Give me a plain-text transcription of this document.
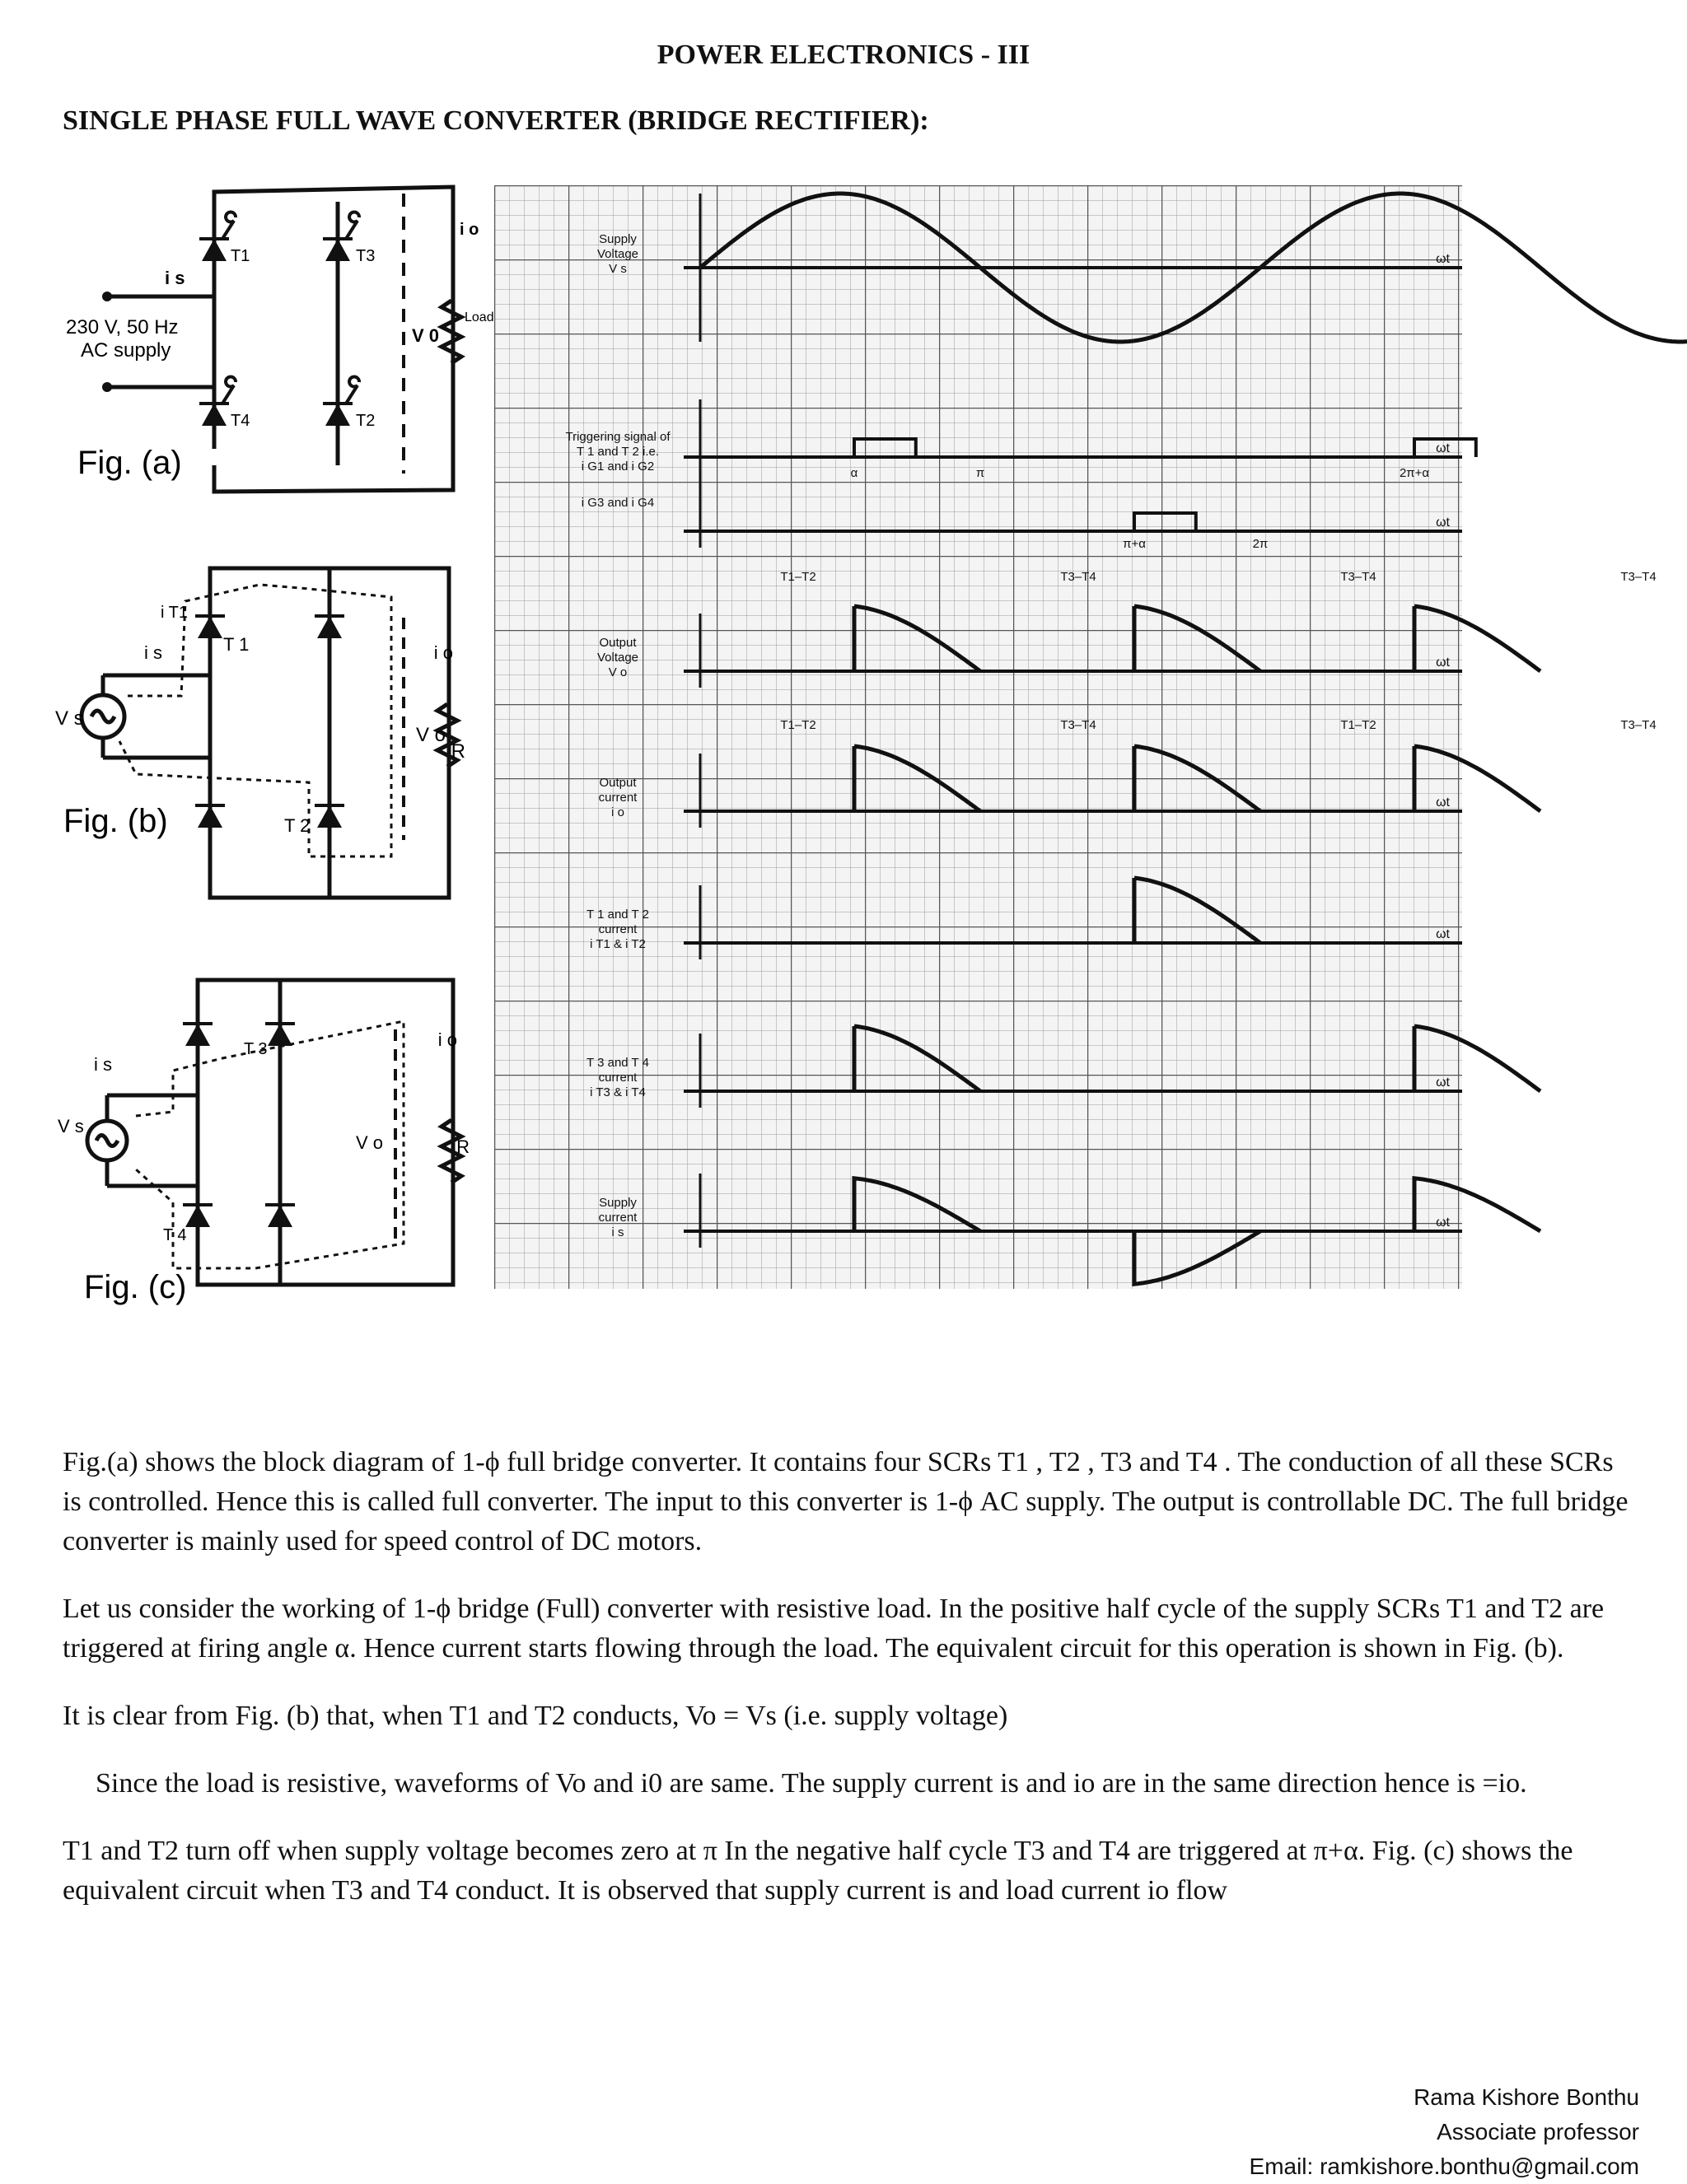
POWER ELECTRONICS - III
SINGLE PHASE FULL WAVE CONVERTER (BRIDGE RECTIFIER):
T1	T3
T4	T2
i s
230 V, 50 Hz
AC supply
V 0
i o
Load
Fig. (a)
T 1
T 2
i T1
i s
V s
V o
R
i o
Fig. (b)
T 3
T 4
i s
V s
V o	R
i o
Fig. (c)
Supply
Voltage
V s
ωt
Triggering signal of
T 1 and T 2 i.e.
i G1 and i G2
ωt
i G3 and i G4
ωt
Output
Voltage
V o
ωt
Output
current
i o
ωt
T 1 and T 2
current
i T1 & i T2
ωt
T 3 and T 4
current
i T3 & i T4
ωt
Supply
current
i s
ωt
α	π	2π+α
π+α	2π
T1–T2
T1–T2
T3–T4
T3–T4
T3–T4
T1–T2
T3–T4
T3–T4

Fig.(a) shows the block diagram of 1-ϕ full bridge converter. It contains four SCRs T1 , T2 , T3 and T4 . The conduction of all these SCRs is controlled. Hence this is called full converter. The input to this converter is 1-ϕ AC supply. The output is controllable DC. The full bridge converter is mainly used for speed control of DC motors.

Let us consider the working of 1-ϕ bridge (Full) converter with resistive load. In the positive half cycle of the supply SCRs T1 and T2 are triggered at firing angle α. Hence current starts flowing through the load. The equivalent circuit for this operation is shown in Fig. (b).

It is clear from Fig. (b) that, when T1 and T2 conducts, Vo = Vs (i.e. supply voltage)

Since the load is resistive, waveforms of Vo and i0 are same. The supply current is and io are in the same direction hence is =io.

T1 and T2 turn off when supply voltage becomes zero at π In the negative half cycle T3 and T4 are triggered at π+α. Fig. (c) shows the equivalent circuit when T3 and T4 conduct. It is observed that supply current is and load current io flow

Rama Kishore Bonthu
Associate professor
Email: ramkishore.bonthu@gmail.com
